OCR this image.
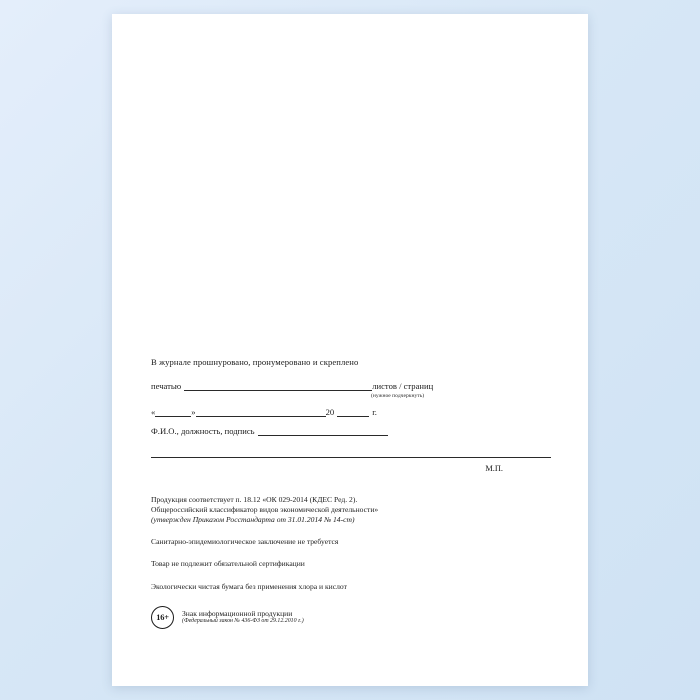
В журнале прошнуровано, пронумеровано и скреплено
печатью	листов / страниц
(нужное подчеркнуть)
«	»	20	г.
Ф.И.О., должность, подпись
М.П.

Продукция соответствует п. 18.12 «ОК 029-2014 (КДЕС Ред. 2).

Общероссийский классификатор видов экономической деятельности»

(утвержден Приказом Росстандарта от 31.01.2014 № 14-ст)

Санитарно-эпидемиологическое заключение не требуется

Товар не подлежит обязательной сертификации

Экологически чистая бумага без применения хлора и кислот

16+	Знак информационной продукции
(Федеральный закон № 436-ФЗ от 29.12.2010 г.)
